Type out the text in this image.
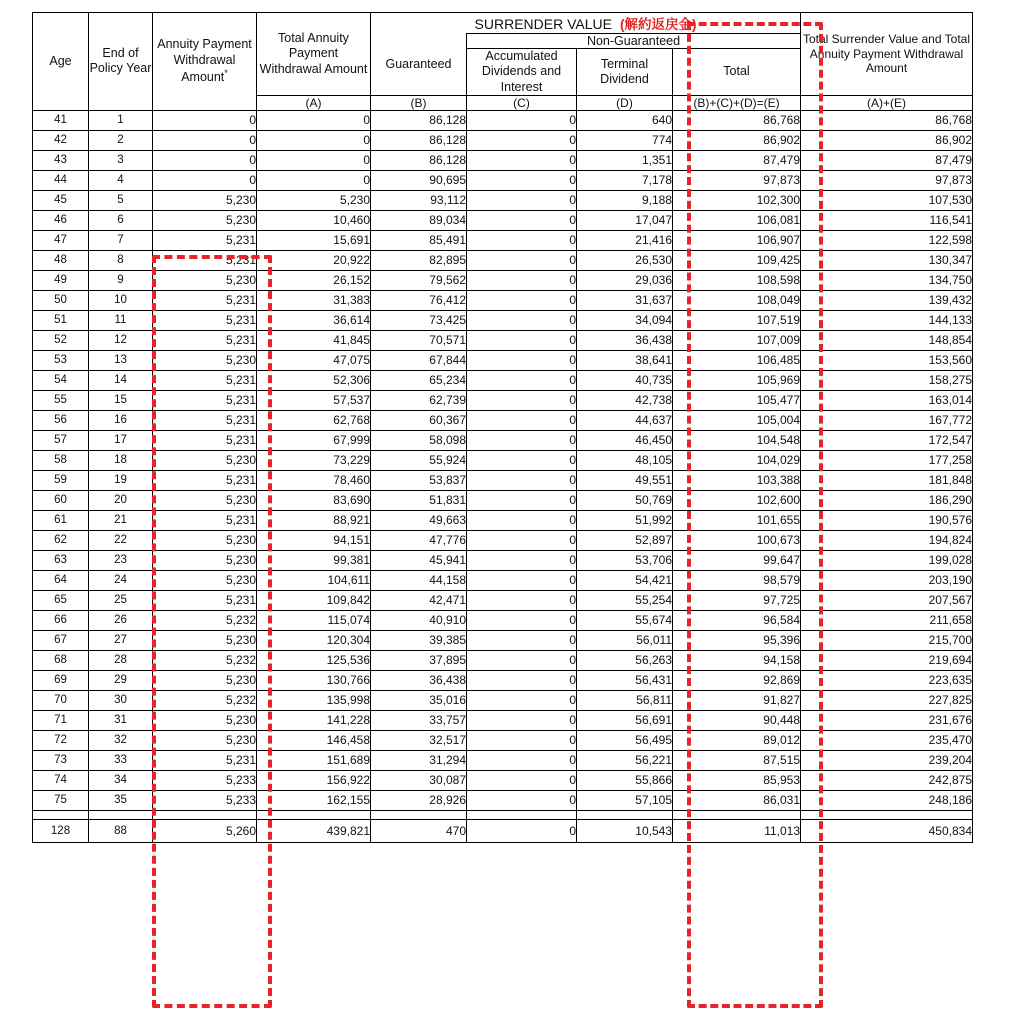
Age	End of Policy Year	Annuity Payment Withdrawal Amount*	Total Annuity Payment Withdrawal Amount	SURRENDER VALUE (解約返戻金)				Total Surrender Value and Total Annuity Payment Withdrawal Amount
				Guaranteed	Non-Guaranteed			
					Accumulated Dividends and Interest	Terminal Dividend	Total	
			(A)	(B)	(C)	(D)	(B)+(C)+(D)=(E)	(A)+(E)
41	1	0	0	86,128	0	640	86,768	86,768
42	2	0	0	86,128	0	774	86,902	86,902
43	3	0	0	86,128	0	1,351	87,479	87,479
44	4	0	0	90,695	0	7,178	97,873	97,873
45	5	5,230	5,230	93,112	0	9,188	102,300	107,530
46	6	5,230	10,460	89,034	0	17,047	106,081	116,541
47	7	5,231	15,691	85,491	0	21,416	106,907	122,598
48	8	5,231	20,922	82,895	0	26,530	109,425	130,347
49	9	5,230	26,152	79,562	0	29,036	108,598	134,750
50	10	5,231	31,383	76,412	0	31,637	108,049	139,432
51	11	5,231	36,614	73,425	0	34,094	107,519	144,133
52	12	5,231	41,845	70,571	0	36,438	107,009	148,854
53	13	5,230	47,075	67,844	0	38,641	106,485	153,560
54	14	5,231	52,306	65,234	0	40,735	105,969	158,275
55	15	5,231	57,537	62,739	0	42,738	105,477	163,014
56	16	5,231	62,768	60,367	0	44,637	105,004	167,772
57	17	5,231	67,999	58,098	0	46,450	104,548	172,547
58	18	5,230	73,229	55,924	0	48,105	104,029	177,258
59	19	5,231	78,460	53,837	0	49,551	103,388	181,848
60	20	5,230	83,690	51,831	0	50,769	102,600	186,290
61	21	5,231	88,921	49,663	0	51,992	101,655	190,576
62	22	5,230	94,151	47,776	0	52,897	100,673	194,824
63	23	5,230	99,381	45,941	0	53,706	99,647	199,028
64	24	5,230	104,611	44,158	0	54,421	98,579	203,190
65	25	5,231	109,842	42,471	0	55,254	97,725	207,567
66	26	5,232	115,074	40,910	0	55,674	96,584	211,658
67	27	5,230	120,304	39,385	0	56,011	95,396	215,700
68	28	5,232	125,536	37,895	0	56,263	94,158	219,694
69	29	5,230	130,766	36,438	0	56,431	92,869	223,635
70	30	5,232	135,998	35,016	0	56,811	91,827	227,825
71	31	5,230	141,228	33,757	0	56,691	90,448	231,676
72	32	5,230	146,458	32,517	0	56,495	89,012	235,470
73	33	5,231	151,689	31,294	0	56,221	87,515	239,204
74	34	5,233	156,922	30,087	0	55,866	85,953	242,875
75	35	5,233	162,155	28,926	0	57,105	86,031	248,186

128	88	5,260	439,821	470	0	10,543	11,013	450,834
